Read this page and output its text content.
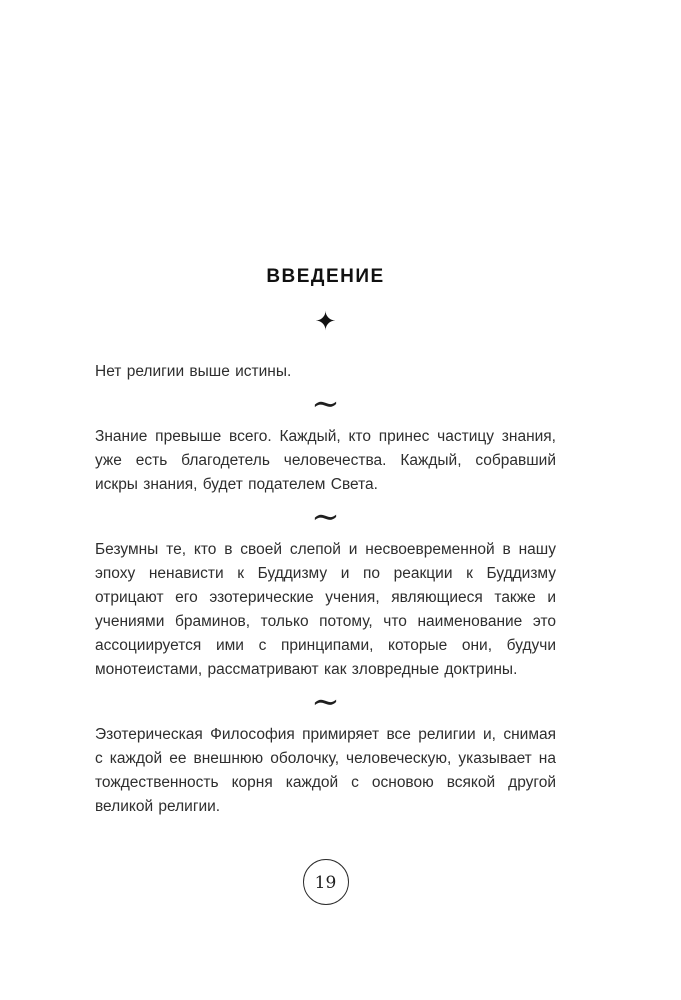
ВВЕДЕНИЕ
✦

Нет религии выше истины.

∼

Знание превыше всего. Каждый, кто принес частицу знания, уже есть благодетель человечества. Каждый, собравший искры знания, будет подателем Света.

∼

Безумны те, кто в своей слепой и несвоевременной в нашу эпоху ненависти к Буддизму и по реакции к Буддизму отрицают его эзотерические учения, являющиеся также и учениями браминов, только потому, что наименование это ассоциируется ими с принципами, которые они, будучи монотеистами, рассматривают как зловредные доктрины.

∼

Эзотерическая Философия примиряет все религии и, снимая с каждой ее внешнюю оболочку, человеческую, указывает на тождественность корня каждой с основою всякой другой великой религии.

19
